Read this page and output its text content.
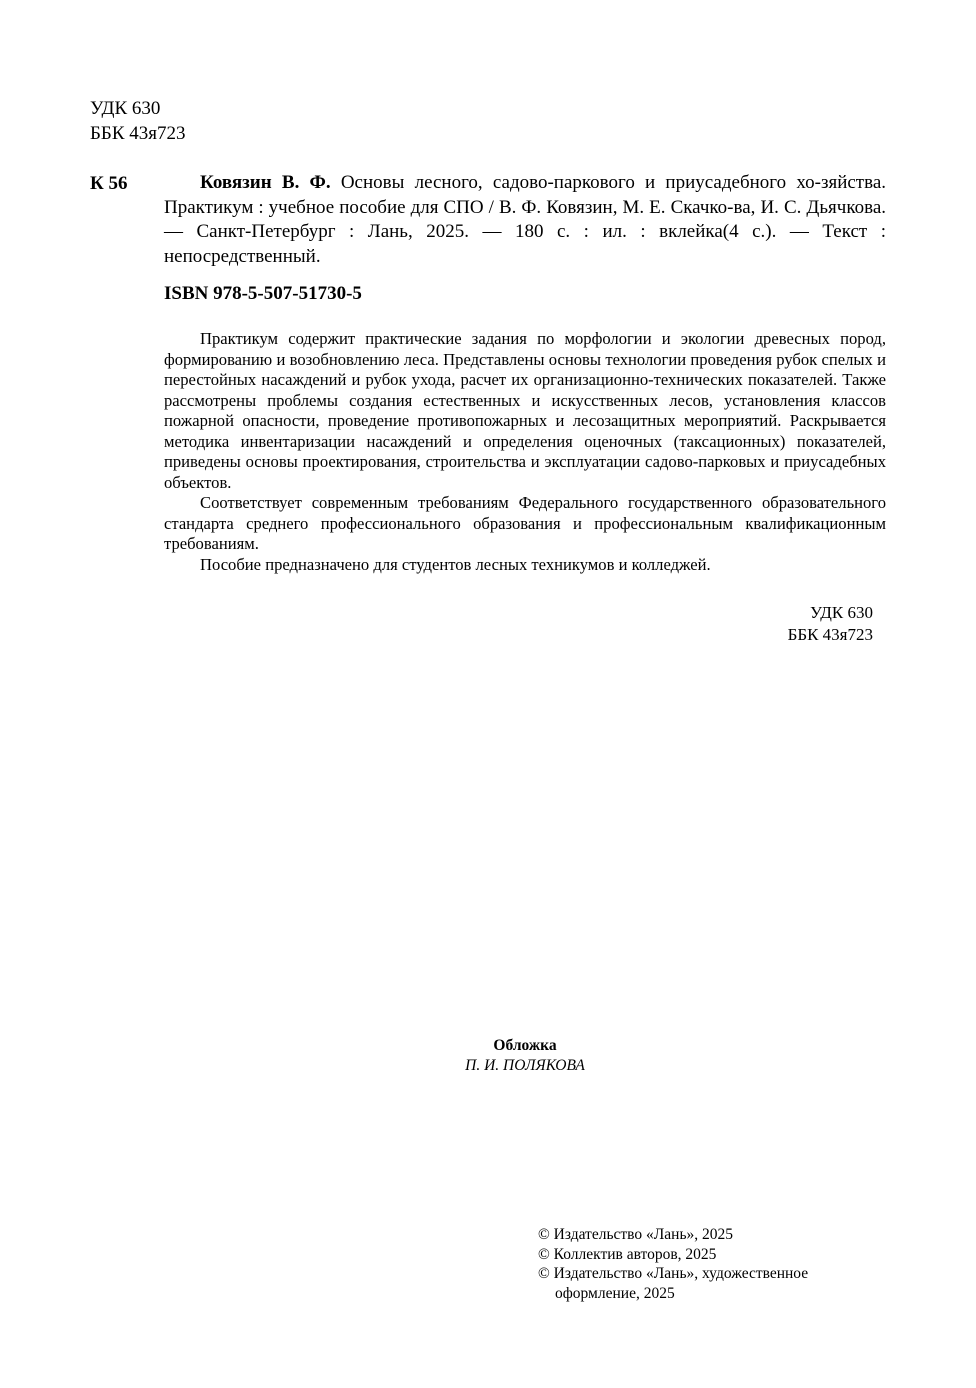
УДК 630
ББК 43я723
К 56	Ковязин В. Ф. Основы лесного, садово-паркового и приусадебного хо-зяйства. Практикум : учебное пособие для СПО / В. Ф. Ковязин, М. Е. Скачко-ва, И. С. Дьячкова. — Санкт-Петербург : Лань, 2025. — 180 с. : ил. : вклейка(4 с.). — Текст : непосредственный.
ISBN 978-5-507-51730-5

Практикум содержит практические задания по морфологии и экологии древесных пород, формированию и возобновлению леса. Представлены основы технологии проведения рубок спелых и перестойных насаждений и рубок ухода, расчет их организационно-технических показателей. Также рассмотрены проблемы создания естественных и искусственных лесов, установления классов пожарной опасности, проведение противопожарных и лесозащитных мероприятий. Раскрывается методика инвентаризации насаждений и определения оценочных (таксационных) показателей, приведены основы проектирования, строительства и эксплуатации садово-парковых и приусадебных объектов.

Соответствует современным требованиям Федерального государственного образовательного стандарта среднего профессионального образования и профессиональным квалификационным требованиям.

Пособие предназначено для студентов лесных техникумов и колледжей.

УДК 630
ББК 43я723
Обложка
П. И. ПОЛЯКОВА
© Издательство «Лань», 2025
© Коллектив авторов, 2025
© Издательство «Лань», художественное
оформление, 2025
